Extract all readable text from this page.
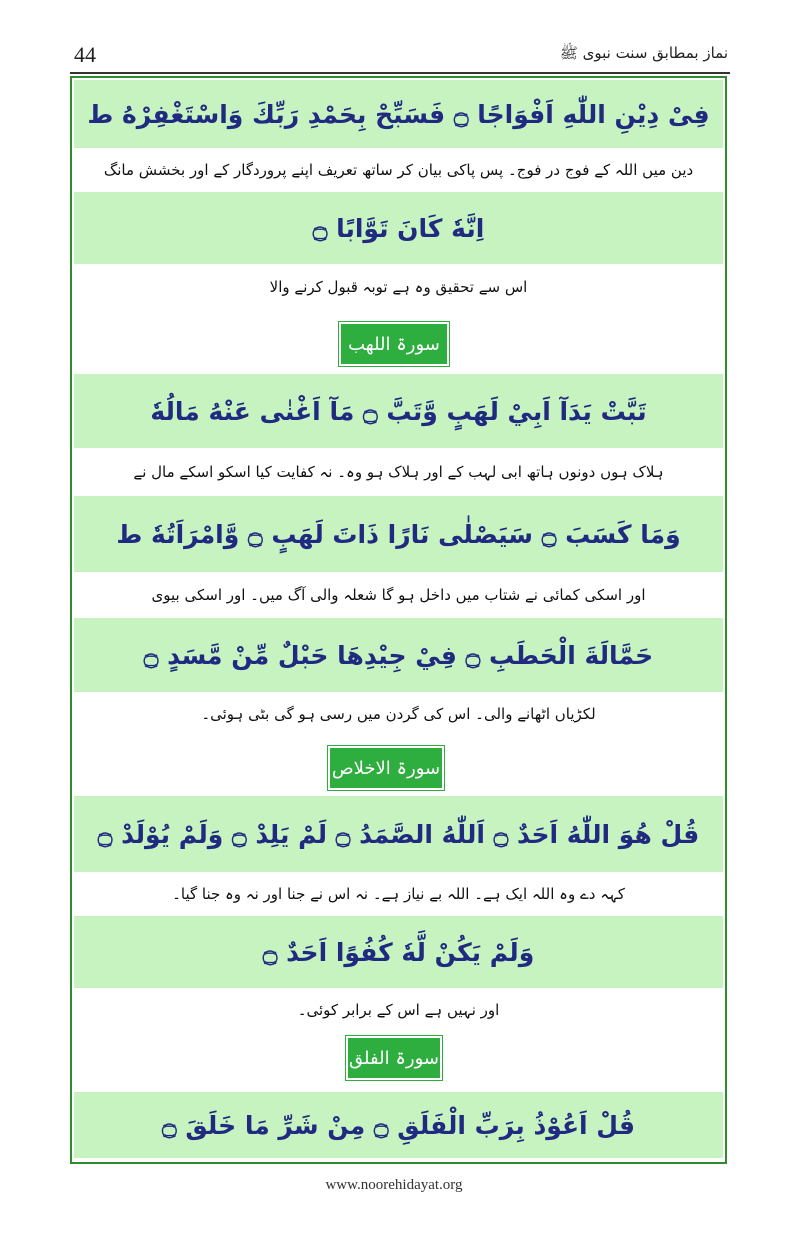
44	نماز بمطابق سنت نبوی ﷺ
فِیْ دِیْنِ اللّٰهِ اَفْوَاجًا ۝ فَسَبِّحْ بِحَمْدِ رَبِّكَ وَاسْتَغْفِرْهُ ط
دین میں اللہ کے فوج در فوج۔ پس پاکی بیان کر ساتھ تعریف اپنے پروردگار کے اور بخشش مانگ
اِنَّهٗ كَانَ تَوَّابًا ۝
اس سے تحقیق وہ ہے توبہ قبول کرنے والا
سورۃ اللھب
تَبَّتْ يَدَآ اَبِيْ لَهَبٍ وَّتَبَّ ۝ مَآ اَغْنٰى عَنْهُ مَالُهٗ
ہلاک ہوں دونوں ہاتھ ابی لہب کے اور ہلاک ہو وہ۔ نہ کفایت کیا اسکو اسکے مال نے
وَمَا كَسَبَ ۝ سَيَصْلٰى نَارًا ذَاتَ لَهَبٍ ۝ وَّامْرَاَتُهٗ ط
اور اسکی کمائی نے شتاب میں داخل ہو گا شعلہ والی آگ میں۔ اور اسکی بیوی
حَمَّالَةَ الْحَطَبِ ۝ فِيْ جِيْدِهَا حَبْلٌ مِّنْ مَّسَدٍ ۝
لکڑیاں اٹھانے والی۔ اس کی گردن میں رسی ہو گی بٹی ہوئی۔
سورۃ الاخلاص
قُلْ هُوَ اللّٰهُ اَحَدٌ ۝ اَللّٰهُ الصَّمَدُ ۝ لَمْ يَلِدْ ۝ وَلَمْ يُوْلَدْ ۝
کہہ دے وہ اللہ ایک ہے۔ اللہ بے نیاز ہے۔ نہ اس نے جنا اور نہ وہ جنا گیا۔
وَلَمْ يَكُنْ لَّهٗ كُفُوًا اَحَدٌ ۝
اور نہیں ہے اس کے برابر کوئی۔
سورۃ الفلق
قُلْ اَعُوْذُ بِرَبِّ الْفَلَقِ ۝ مِنْ شَرِّ مَا خَلَقَ ۝
www.noorehidayat.org
